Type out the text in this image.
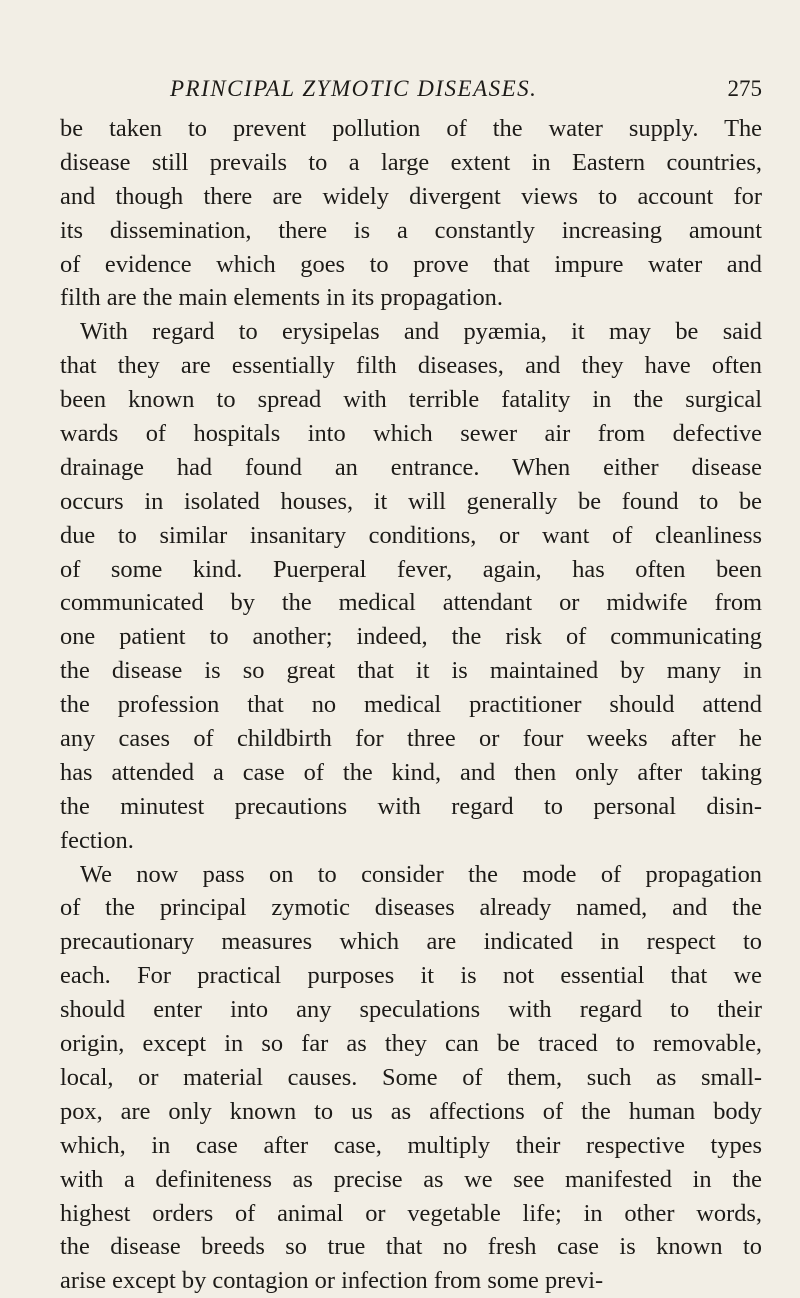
PRINCIPAL ZYMOTIC DISEASES.	275
be taken to prevent pollution of the water supply. The
disease still prevails to a large extent in Eastern countries,
and though there are widely divergent views to account for
its dissemination, there is a constantly increasing amount
of evidence which goes to prove that impure water and
filth are the main elements in its propagation.
With regard to erysipelas and pyæmia, it may be said
that they are essentially filth diseases, and they have often
been known to spread with terrible fatality in the surgical
wards of hospitals into which sewer air from defective
drainage had found an entrance. When either disease
occurs in isolated houses, it will generally be found to be
due to similar insanitary conditions, or want of cleanliness
of some kind. Puerperal fever, again, has often been
communicated by the medical attendant or midwife from
one patient to another; indeed, the risk of communicating
the disease is so great that it is maintained by many in
the profession that no medical practitioner should attend
any cases of childbirth for three or four weeks after he
has attended a case of the kind, and then only after taking
the minutest precautions with regard to personal disin-
fection.
We now pass on to consider the mode of propagation
of the principal zymotic diseases already named, and the
precautionary measures which are indicated in respect to
each. For practical purposes it is not essential that we
should enter into any speculations with regard to their
origin, except in so far as they can be traced to removable,
local, or material causes. Some of them, such as small-
pox, are only known to us as affections of the human body
which, in case after case, multiply their respective types
with a definiteness as precise as we see manifested in the
highest orders of animal or vegetable life; in other words,
the disease breeds so true that no fresh case is known to
arise except by contagion or infection from some previ-
